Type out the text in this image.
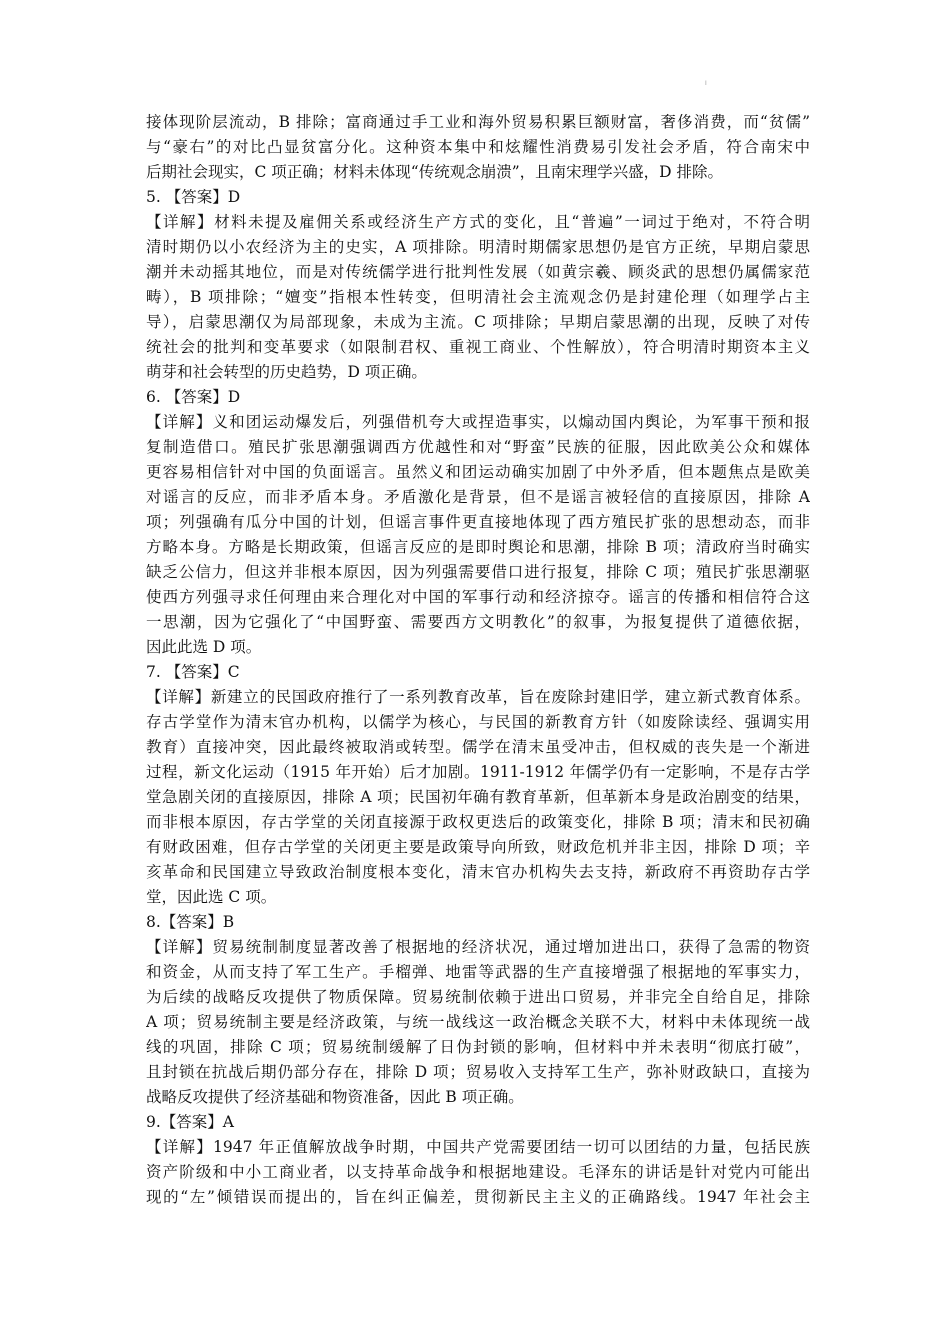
I
接体现阶层流动，B 排除；富商通过手工业和海外贸易积累巨额财富，奢侈消费，而“贫儒”
与“豪右”的对比凸显贫富分化。这种资本集中和炫耀性消费易引发社会矛盾，符合南宋中
后期社会现实，C 项正确；材料未体现“传统观念崩溃”，且南宋理学兴盛，D 排除。
5. 【答案】D
【详解】材料未提及雇佣关系或经济生产方式的变化，且“普遍”一词过于绝对，不符合明
清时期仍以小农经济为主的史实，A 项排除。明清时期儒家思想仍是官方正统，早期启蒙思
潮并未动摇其地位，而是对传统儒学进行批判性发展（如黄宗羲、顾炎武的思想仍属儒家范
畴），B 项排除；“嬗变”指根本性转变，但明清社会主流观念仍是封建伦理（如理学占主
导），启蒙思潮仅为局部现象，未成为主流。C 项排除；早期启蒙思潮的出现，反映了对传
统社会的批判和变革要求（如限制君权、重视工商业、个性解放），符合明清时期资本主义
萌芽和社会转型的历史趋势，D 项正确。
6. 【答案】D
【详解】义和团运动爆发后，列强借机夸大或捏造事实，以煽动国内舆论，为军事干预和报
复制造借口。殖民扩张思潮强调西方优越性和对“野蛮”民族的征服，因此欧美公众和媒体
更容易相信针对中国的负面谣言。虽然义和团运动确实加剧了中外矛盾，但本题焦点是欧美
对谣言的反应，而非矛盾本身。矛盾激化是背景，但不是谣言被轻信的直接原因，排除 A
项；列强确有瓜分中国的计划，但谣言事件更直接地体现了西方殖民扩张的思想动态，而非
方略本身。方略是长期政策，但谣言反应的是即时舆论和思潮，排除 B 项；清政府当时确实
缺乏公信力，但这并非根本原因，因为列强需要借口进行报复，排除 C 项；殖民扩张思潮驱
使西方列强寻求任何理由来合理化对中国的军事行动和经济掠夺。谣言的传播和相信符合这
一思潮，因为它强化了“中国野蛮、需要西方文明教化”的叙事，为报复提供了道德依据，
因此此选 D 项。
7. 【答案】C
【详解】新建立的民国政府推行了一系列教育改革，旨在废除封建旧学，建立新式教育体系。
存古学堂作为清末官办机构，以儒学为核心，与民国的新教育方针（如废除读经、强调实用
教育）直接冲突，因此最终被取消或转型。儒学在清末虽受冲击，但权威的丧失是一个渐进
过程，新文化运动（1915 年开始）后才加剧。1911-1912 年儒学仍有一定影响，不是存古学
堂急剧关闭的直接原因，排除 A 项；民国初年确有教育革新，但革新本身是政治剧变的结果，
而非根本原因，存古学堂的关闭直接源于政权更迭后的政策变化，排除 B 项；清末和民初确
有财政困难，但存古学堂的关闭更主要是政策导向所致，财政危机并非主因，排除 D 项；辛
亥革命和民国建立导致政治制度根本变化，清末官办机构失去支持，新政府不再资助存古学
堂，因此选 C 项。
8.【答案】B
【详解】贸易统制制度显著改善了根据地的经济状况，通过增加进出口，获得了急需的物资
和资金，从而支持了军工生产。手榴弹、地雷等武器的生产直接增强了根据地的军事实力，
为后续的战略反攻提供了物质保障。贸易统制依赖于进出口贸易，并非完全自给自足，排除
A 项；贸易统制主要是经济政策，与统一战线这一政治概念关联不大，材料中未体现统一战
线的巩固，排除 C 项；贸易统制缓解了日伪封锁的影响，但材料中并未表明“彻底打破”，
且封锁在抗战后期仍部分存在，排除 D 项；贸易收入支持军工生产，弥补财政缺口，直接为
战略反攻提供了经济基础和物资准备，因此 B 项正确。
9.【答案】A
【详解】1947 年正值解放战争时期，中国共产党需要团结一切可以团结的力量，包括民族
资产阶级和中小工商业者，以支持革命战争和根据地建设。毛泽东的讲话是针对党内可能出
现的“左”倾错误而提出的，旨在纠正偏差，贯彻新民主主义的正确路线。1947 年社会主
